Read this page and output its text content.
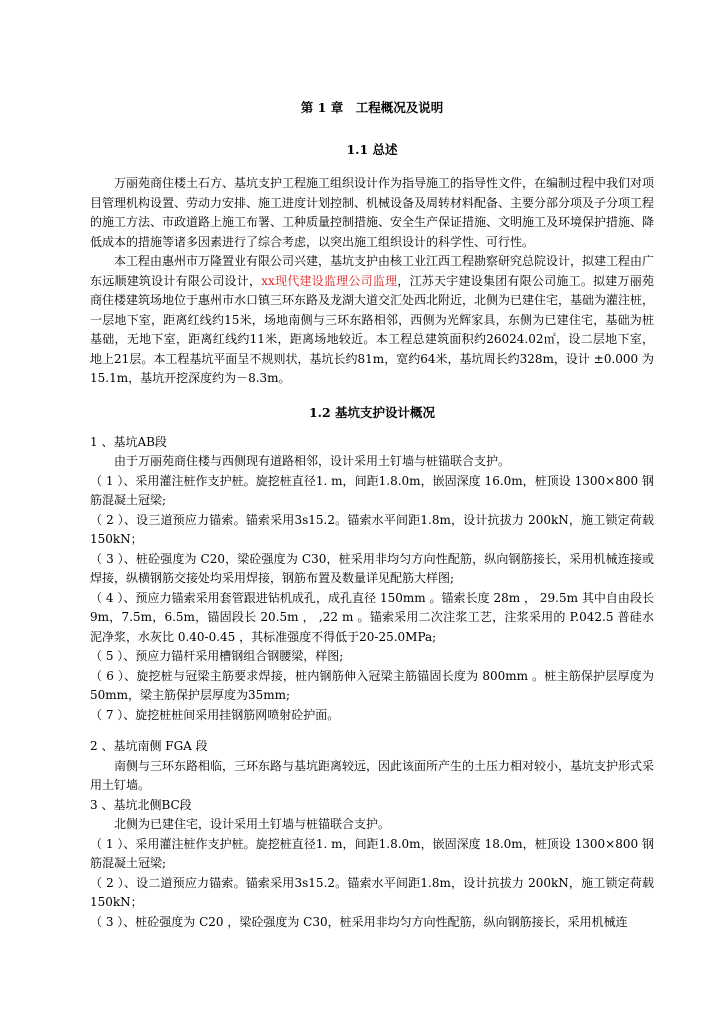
第 1 章　工程概况及说明
1.1 总述

万丽苑商住楼土石方、基坑支护工程施工组织设计作为指导施工的指导性文件，在编制过程中我们对项目管理机构设置、劳动力安排、施工进度计划控制、机械设备及周转材料配备、主要分部分项及子分项工程的施工方法、市政道路上施工布署、工种质量控制措施、安全生产保证措施、文明施工及环境保护措施、降低成本的措施等诸多因素进行了综合考虑，以突出施工组织设计的科学性、可行性。

本工程由惠州市万隆置业有限公司兴建，基坑支护由核工业江西工程勘察研究总院设计，拟建工程由广东远顺建筑设计有限公司设计，xx现代建设监理公司监理，江苏天宇建设集团有限公司施工。拟建万丽苑商住楼建筑场地位于惠州市水口镇三环东路及龙湖大道交汇处西北附近，北侧为已建住宅，基础为灌注桩，一层地下室，距离红线约15米，场地南侧与三环东路相邻，西侧为光辉家具，东侧为已建住宅，基础为桩基础，无地下室，距离红线约11米，距离场地较近。本工程总建筑面积约26024.02㎡，设二层地下室，地上21层。本工程基坑平面呈不规则状，基坑长约81m，宽约64米，基坑周长约328m，设计 ±0.000 为15.1m，基坑开挖深度约为－8.3m。

1.2 基坑支护设计概况

1 、基坑AB段

由于万丽苑商住楼与西侧现有道路相邻，设计采用土钉墙与桩锚联合支护。

（ 1 ）、采用灌注桩作支护桩。旋挖桩直径1. m，间距1.8.0m，嵌固深度 16.0m，桩顶设 1300×800 钢筋混凝土冠梁;

（ 2 ）、设三道预应力锚索。锚索采用3s15.2。锚索水平间距1.8m，设计抗拔力 200kN，施工锁定荷载 150kN；

（ 3 ）、桩砼强度为 C20，梁砼强度为 C30，桩采用非均匀方向性配筋，纵向钢筋接长，采用机械连接或焊接，纵横钢筋交接处均采用焊接，钢筋布置及数量详见配筋大样图;

（ 4 ）、预应力锚索采用套管跟进钻机成孔，成孔直径 150mm 。锚索长度 28m ， 29.5m 其中自由段长 9m，7.5m，6.5m，锚固段长 20.5m ， ,22 m 。锚索采用二次注浆工艺，注浆采用的 P.042.5 普硅水泥净浆，水灰比 0.40-0.45 ，其标准强度不得低于20-25.0MPa;

（ 5 ）、预应力锚杆采用槽钢组合钢腰梁，样图;

（ 6 ）、旋挖桩与冠梁主筋要求焊接，桩内钢筋伸入冠梁主筋锚固长度为 800mm 。桩主筋保护层厚度为50mm，梁主筋保护层厚度为35mm;

（ 7 ）、旋挖桩桩间采用挂钢筋网喷射砼护面。

2 、基坑南侧 FGA 段

南侧与三环东路相临，三环东路与基坑距离较远，因此该面所产生的土压力相对较小，基坑支护形式采用土钉墙。

3 、基坑北侧BC段

北侧为已建住宅，设计采用土钉墙与桩锚联合支护。

（ 1 ）、采用灌注桩作支护桩。旋挖桩直径1. m，间距1.8.0m，嵌固深度 18.0m，桩顶设 1300×800 钢筋混凝土冠梁;

（ 2 ）、设二道预应力锚索。锚索采用3s15.2。锚索水平间距1.8m，设计抗拔力 200kN，施工锁定荷载 150kN；

（ 3 ）、桩砼强度为 C20 ，梁砼强度为 C30，桩采用非均匀方向性配筋，纵向钢筋接长，采用机械连
